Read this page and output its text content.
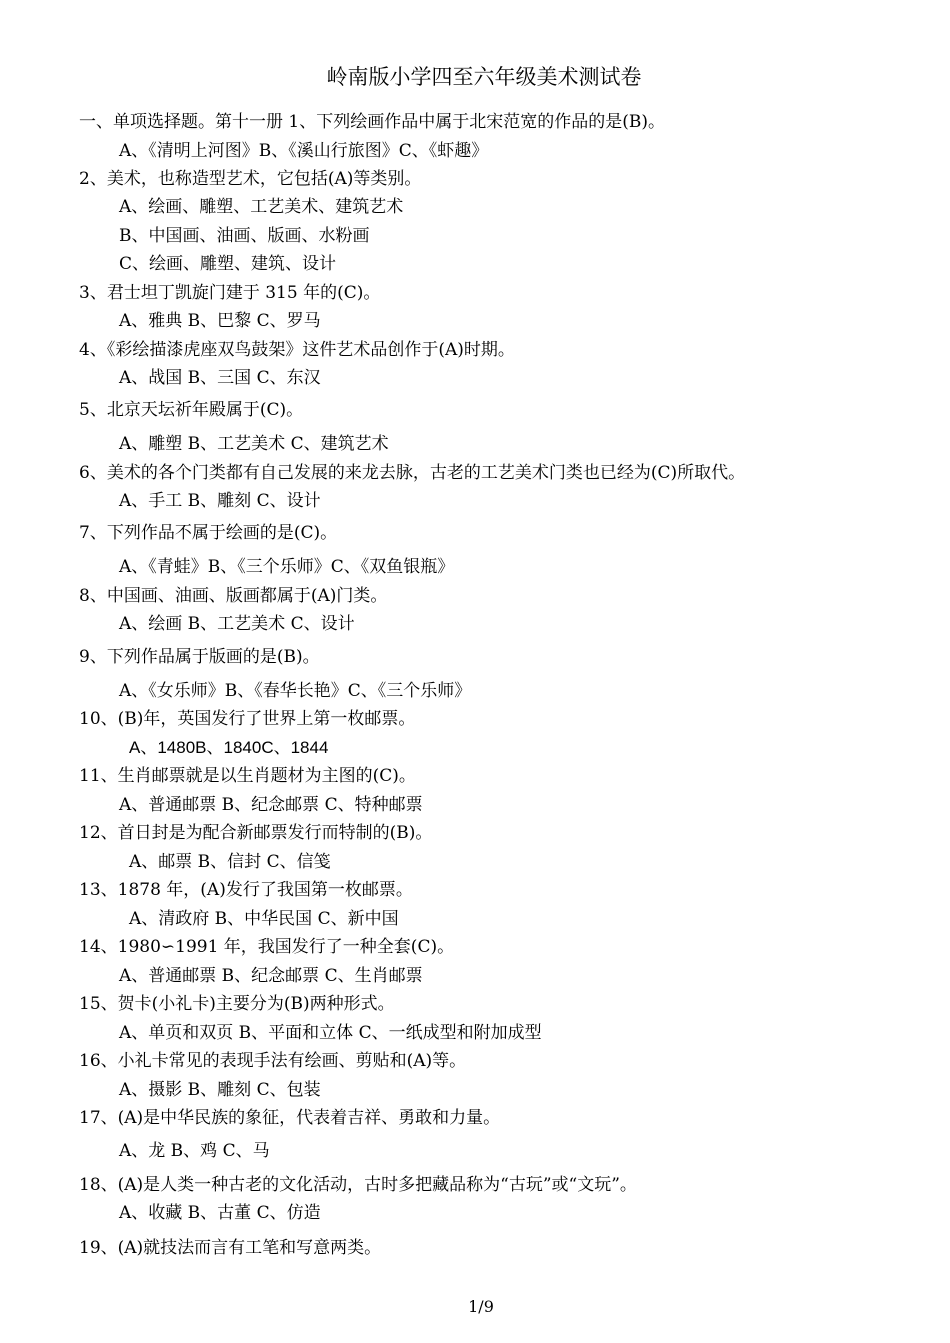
岭南版小学四至六年级美术测试卷
一、单项选择题。第十一册 1、下列绘画作品中属于北宋范宽的作品的是(B)。
A、《清明上河图》B、《溪山行旅图》C、《虾趣》
2、美术，也称造型艺术，它包括(A)等类别。
A、绘画、雕塑、工艺美术、建筑艺术
B、中国画、油画、版画、水粉画
C、绘画、雕塑、建筑、设计
3、君士坦丁凯旋门建于 315 年的(C)。
A、雅典 B、巴黎 C、罗马
4、《彩绘描漆虎座双鸟鼓架》这件艺术品创作于(A)时期。
A、战国 B、三国 C、东汉
5、北京天坛祈年殿属于(C)。
A、雕塑 B、工艺美术 C、建筑艺术
6、美术的各个门类都有自己发展的来龙去脉，古老的工艺美术门类也已经为(C)所取代。
A、手工 B、雕刻 C、设计
7、下列作品不属于绘画的是(C)。
A、《青蛙》B、《三个乐师》C、《双鱼银瓶》
8、中国画、油画、版画都属于(A)门类。
A、绘画 B、工艺美术 C、设计
9、下列作品属于版画的是(B)。
A、《女乐师》B、《春华长艳》C、《三个乐师》
10、(B)年，英国发行了世界上第一枚邮票。
A、1480B、1840C、1844
11、生肖邮票就是以生肖题材为主图的(C)。
A、普通邮票 B、纪念邮票 C、特种邮票
12、首日封是为配合新邮票发行而特制的(B)。
A、邮票 B、信封 C、信笺
13、1878 年，(A)发行了我国第一枚邮票。
A、清政府 B、中华民国 C、新中国
14、1980∽1991 年，我国发行了一种全套(C)。
A、普通邮票 B、纪念邮票 C、生肖邮票
15、贺卡(小礼卡)主要分为(B)两种形式。
A、单页和双页 B、平面和立体 C、一纸成型和附加成型
16、小礼卡常见的表现手法有绘画、剪贴和(A)等。
A、摄影 B、雕刻 C、包装
17、(A)是中华民族的象征，代表着吉祥、勇敢和力量。
A、龙 B、鸡 C、马
18、(A)是人类一种古老的文化活动，古时多把藏品称为“古玩”或“文玩”。
A、收藏 B、古董 C、仿造
19、(A)就技法而言有工笔和写意两类。
1/9
